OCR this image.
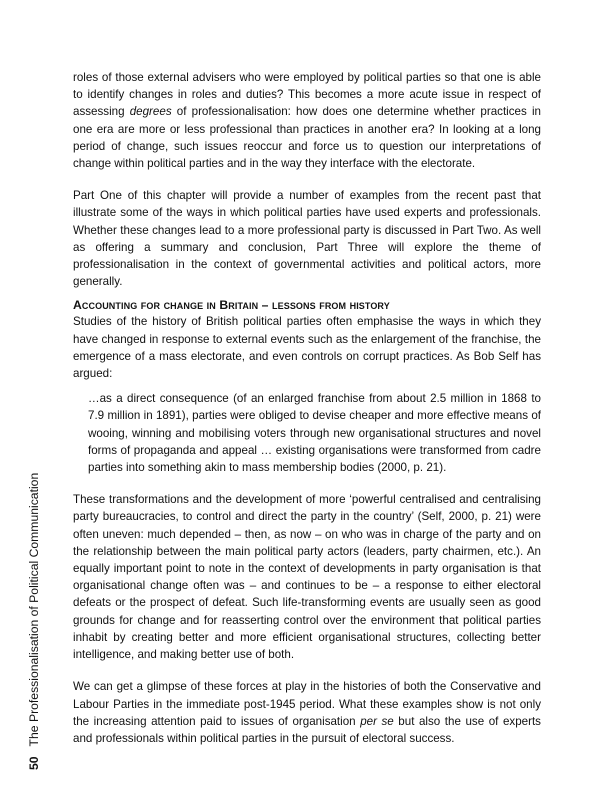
50The Professionalisation of Political Communication

roles of those external advisers who were employed by political parties so that one is able to identify changes in roles and duties? This becomes a more acute issue in respect of assessing degrees of professionalisation: how does one determine whether practices in one era are more or less professional than practices in another era? In looking at a long period of change, such issues reoccur and force us to question our interpretations of change within political parties and in the way they interface with the electorate.

Part One of this chapter will provide a number of examples from the recent past that illustrate some of the ways in which political parties have used experts and professionals. Whether these changes lead to a more professional party is discussed in Part Two. As well as offering a summary and conclusion, Part Three will explore the theme of professionalisation in the context of governmental activities and political actors, more generally.

Accounting for change in Britain – lessons from history

Studies of the history of British political parties often emphasise the ways in which they have changed in response to external events such as the enlargement of the franchise, the emergence of a mass electorate, and even controls on corrupt practices. As Bob Self has argued:

…as a direct consequence (of an enlarged franchise from about 2.5 million in 1868 to 7.9 million in 1891), parties were obliged to devise cheaper and more effective means of wooing, winning and mobilising voters through new organisational structures and novel forms of propaganda and appeal … existing organisations were transformed from cadre parties into something akin to mass membership bodies (2000, p. 21).

These transformations and the development of more ‘powerful centralised and centralising party bureaucracies, to control and direct the party in the country’ (Self, 2000, p. 21) were often uneven: much depended – then, as now – on who was in charge of the party and on the relationship between the main political party actors (leaders, party chairmen, etc.). An equally important point to note in the context of developments in party organisation is that organisational change often was – and continues to be – a response to either electoral defeats or the prospect of defeat. Such life-transforming events are usually seen as good grounds for change and for reasserting control over the environment that political parties inhabit by creating better and more efficient organisational structures, collecting better intelligence, and making better use of both.

We can get a glimpse of these forces at play in the histories of both the Conservative and Labour Parties in the immediate post-1945 period. What these examples show is not only the increasing attention paid to issues of organisation per se but also the use of experts and professionals within political parties in the pursuit of electoral success.
